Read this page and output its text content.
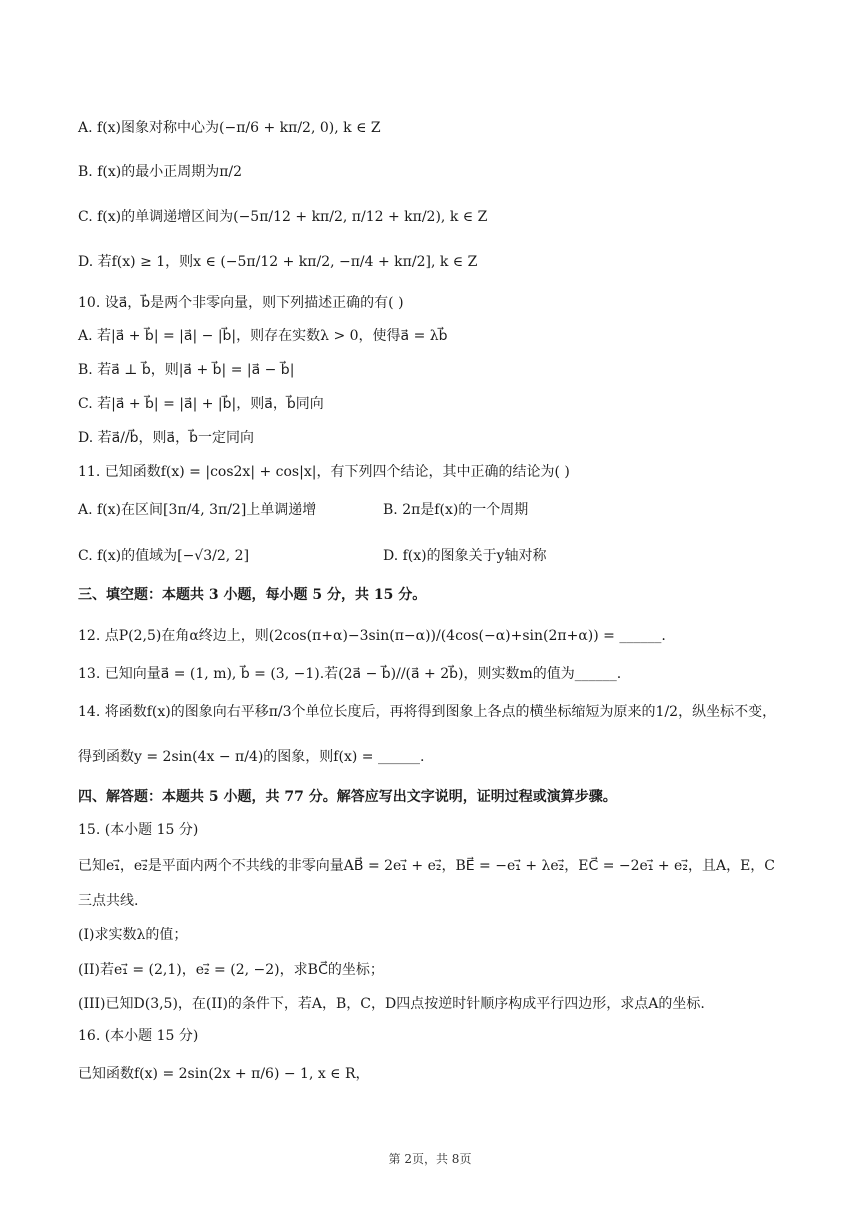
A. f(x)图象对称中心为(−π/6 + kπ/2, 0), k ∈ Z
B. f(x)的最小正周期为π/2
C. f(x)的单调递增区间为(−5π/12 + kπ/2, π/12 + kπ/2), k ∈ Z
D. 若f(x) ≥ 1，则x ∈ (−5π/12 + kπ/2, −π/4 + kπ/2], k ∈ Z
10. 设a⃗，b⃗是两个非零向量，则下列描述正确的有( )
A. 若|a⃗ + b⃗| = |a⃗| − |b⃗|，则存在实数λ > 0，使得a⃗ = λb⃗
B. 若a⃗ ⊥ b⃗，则|a⃗ + b⃗| = |a⃗ − b⃗|
C. 若|a⃗ + b⃗| = |a⃗| + |b⃗|，则a⃗，b⃗同向
D. 若a⃗//b⃗，则a⃗，b⃗一定同向
11. 已知函数f(x) = |cos2x| + cos|x|，有下列四个结论，其中正确的结论为( )
A. f(x)在区间[3π/4, 3π/2]上单调递增	B. 2π是f(x)的一个周期
C. f(x)的值域为[−√3/2, 2]	D. f(x)的图象关于y轴对称
三、填空题：本题共 3 小题，每小题 5 分，共 15 分。
12. 点P(2,5)在角α终边上，则(2cos(π+α)−3sin(π−α))/(4cos(−α)+sin(2π+α)) = ______.
13. 已知向量a⃗ = (1, m), b⃗ = (3, −1).若(2a⃗ − b⃗)//(a⃗ + 2b⃗)，则实数m的值为______.
14. 将函数f(x)的图象向右平移π/3个单位长度后，再将得到图象上各点的横坐标缩短为原来的1/2，纵坐标不变，
得到函数y = 2sin(4x − π/4)的图象，则f(x) = ______.
四、解答题：本题共 5 小题，共 77 分。解答应写出文字说明，证明过程或演算步骤。
15. (本小题 15 分)
已知e₁⃗，e₂⃗是平面内两个不共线的非零向量AB⃗ = 2e₁⃗ + e₂⃗，BE⃗ = −e₁⃗ + λe₂⃗，EC⃗ = −2e₁⃗ + e₂⃗，且A，E，C
三点共线.
(I)求实数λ的值；
(II)若e₁⃗ = (2,1)，e₂⃗ = (2, −2)，求BC⃗的坐标；
(III)已知D(3,5)，在(II)的条件下，若A，B，C，D四点按逆时针顺序构成平行四边形，求点A的坐标.
16. (本小题 15 分)
已知函数f(x) = 2sin(2x + π/6) − 1, x ∈ R，
第 2页，共 8页
